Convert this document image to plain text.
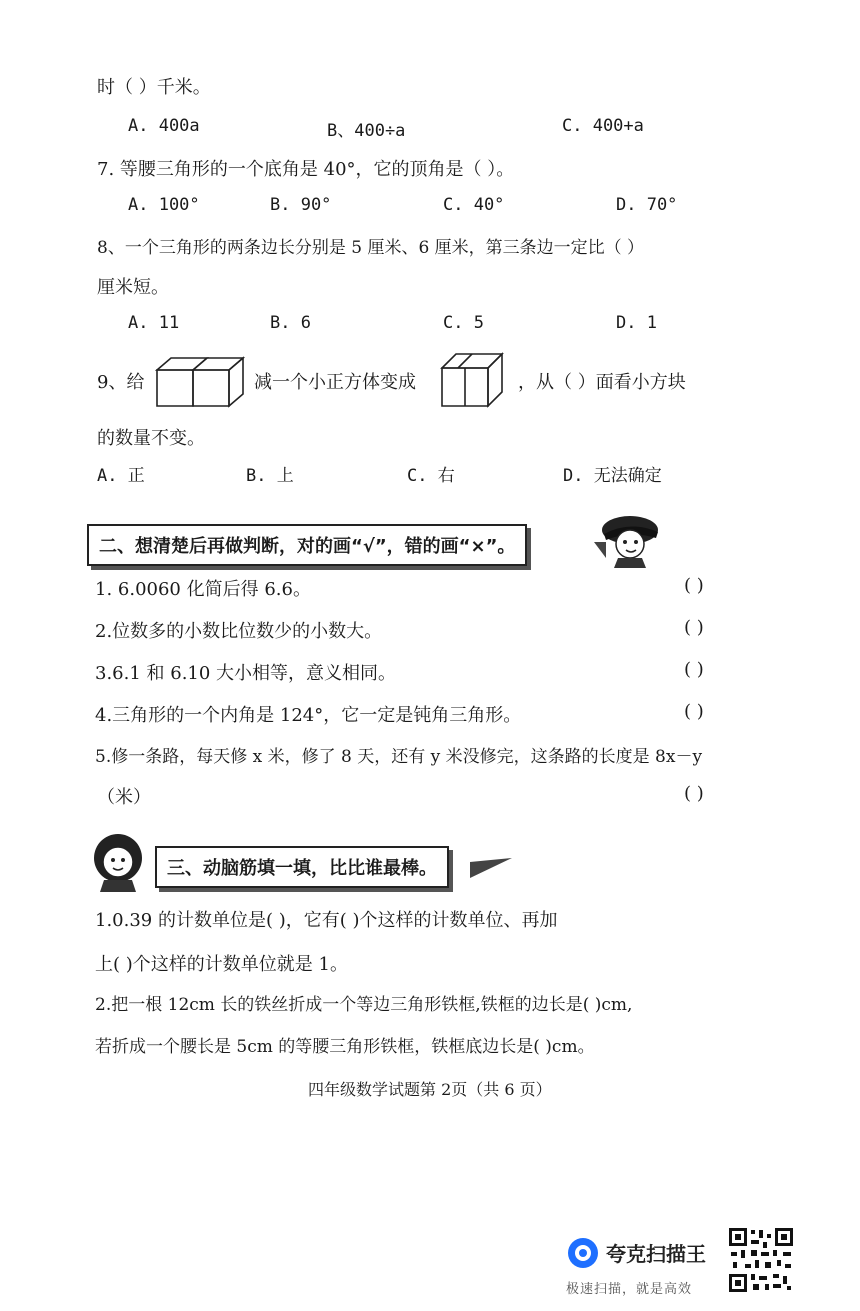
时（ ）千米。
A. 400a	B、400÷a	C. 400+a
7. 等腰三角形的一个底角是 40°，它的顶角是（ ）。
A. 100°	B. 90°	C. 40°	D. 70°
8、一个三角形的两条边长分别是 5 厘米、6 厘米，第三条边一定比（ ）
厘米短。
A. 11	B. 6	C. 5	D. 1
9、给	减一个小正方体变成	，从（ ）面看小方块
的数量不变。
A. 正	B. 上	C. 右	D. 无法确定
二、想清楚后再做判断，对的画“√”，错的画“×”。
1. 6.0060 化简后得 6.6。	( )
2.位数多的小数比位数少的小数大。	( )
3.6.1 和 6.10 大小相等，意义相同。	( )
4.三角形的一个内角是 124°，它一定是钝角三角形。	( )
5.修一条路，每天修 x 米，修了 8 天，还有 y 米没修完，这条路的长度是 8x－y
（米）	( )
三、动脑筋填一填，比比谁最棒。
1.0.39 的计数单位是( )，它有( )个这样的计数单位、再加
上( )个这样的计数单位就是 1。
2.把一根 12cm 长的铁丝折成一个等边三角形铁框,铁框的边长是( )cm,
若折成一个腰长是 5cm 的等腰三角形铁框，铁框底边长是( )cm。
四年级数学试题第 2页（共 6 页）
夸克扫描王
极速扫描，就是高效
